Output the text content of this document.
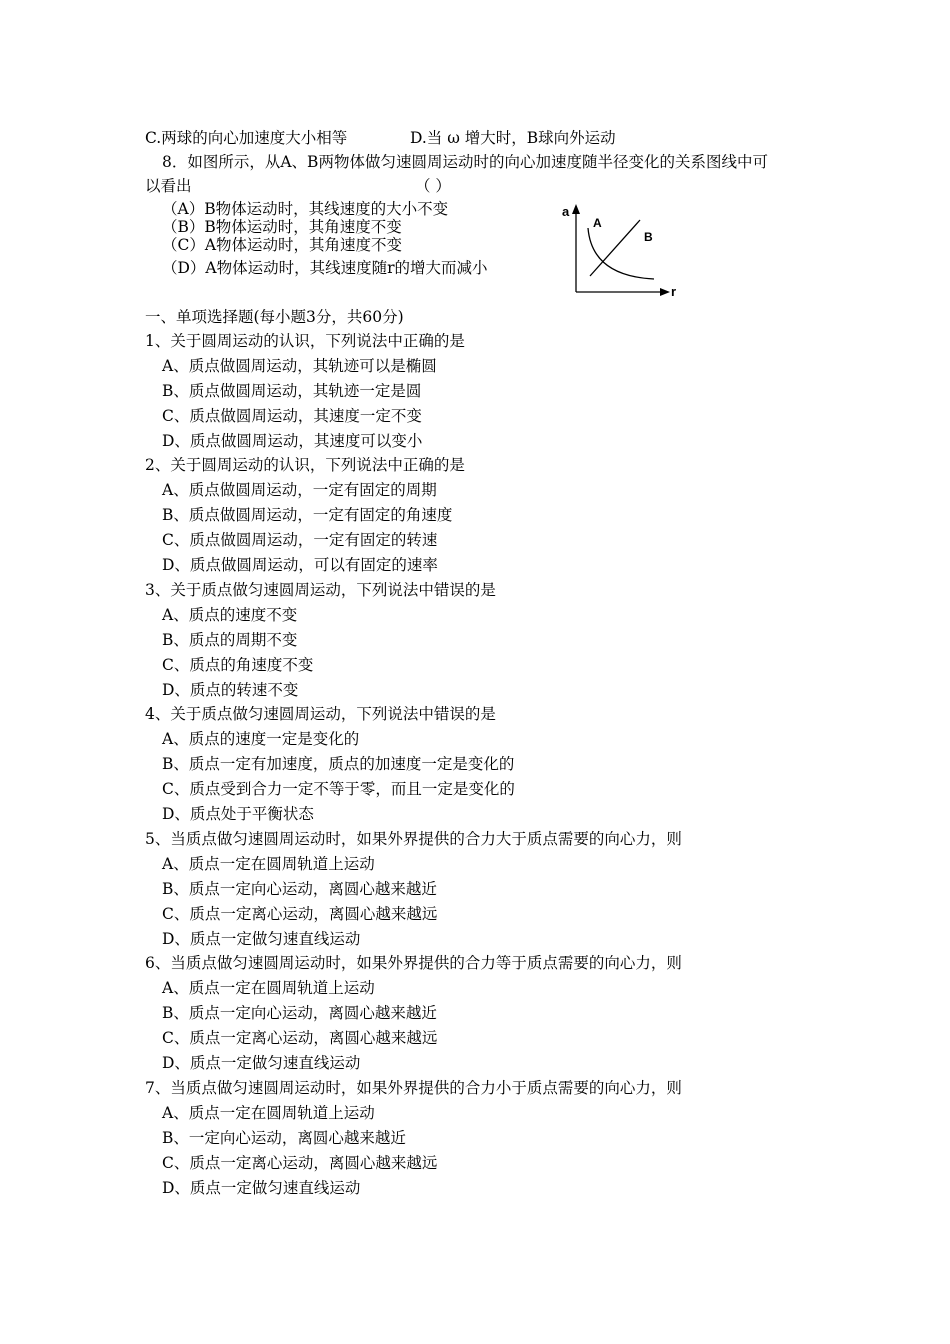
C.两球的向心加速度大小相等	D.当 ω 增大时，B球向外运动
8．如图所示，从A、B两物体做匀速圆周运动时的向心加速度随半径变化的关系图线中可
以看出	（ ）
（A）B物体运动时，其线速度的大小不变
（B）B物体运动时，其角速度不变
（C）A物体运动时，其角速度不变
（D）A物体运动时，其线速度随r的增大而减小
a
r
A
B
一、单项选择题(每小题3分，共60分)
1、关于圆周运动的认识，下列说法中正确的是
A、质点做圆周运动，其轨迹可以是椭圆
B、质点做圆周运动，其轨迹一定是圆
C、质点做圆周运动，其速度一定不变
D、质点做圆周运动，其速度可以变小
2、关于圆周运动的认识，下列说法中正确的是
A、质点做圆周运动，一定有固定的周期
B、质点做圆周运动，一定有固定的角速度
C、质点做圆周运动，一定有固定的转速
D、质点做圆周运动，可以有固定的速率
3、关于质点做匀速圆周运动，下列说法中错误的是
A、质点的速度不变
B、质点的周期不变
C、质点的角速度不变
D、质点的转速不变
4、关于质点做匀速圆周运动，下列说法中错误的是
A、质点的速度一定是变化的
B、质点一定有加速度，质点的加速度一定是变化的
C、质点受到合力一定不等于零，而且一定是变化的
D、质点处于平衡状态
5、当质点做匀速圆周运动时，如果外界提供的合力大于质点需要的向心力，则
A、质点一定在圆周轨道上运动
B、质点一定向心运动，离圆心越来越近
C、质点一定离心运动，离圆心越来越远
D、质点一定做匀速直线运动
6、当质点做匀速圆周运动时，如果外界提供的合力等于质点需要的向心力，则
A、质点一定在圆周轨道上运动
B、质点一定向心运动，离圆心越来越近
C、质点一定离心运动，离圆心越来越远
D、质点一定做匀速直线运动
7、当质点做匀速圆周运动时，如果外界提供的合力小于质点需要的向心力，则
A、质点一定在圆周轨道上运动
B、一定向心运动，离圆心越来越近
C、质点一定离心运动，离圆心越来越远
D、质点一定做匀速直线运动
